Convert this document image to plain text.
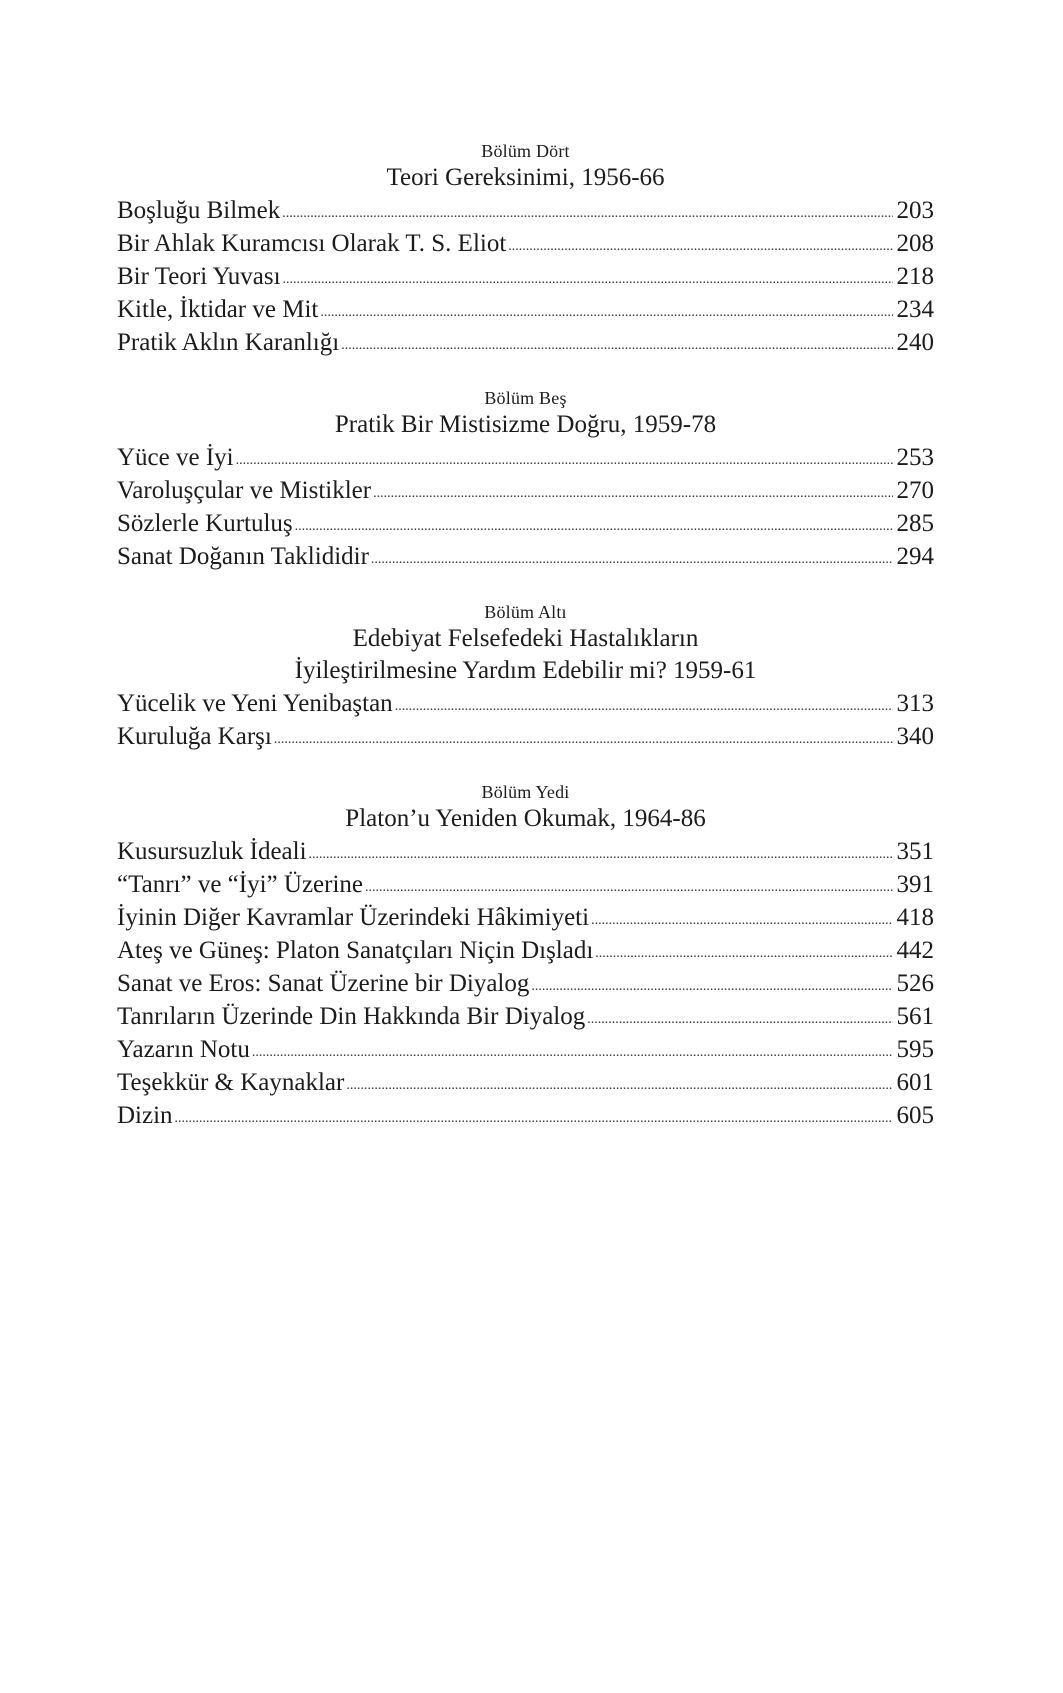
Bölüm Dört

Teori Gereksinimi, 1956-66

Boşluğu Bilmek .....	203
Bir Ahlak Kuramcısı Olarak T. S. Eliot .....	208
Bir Teori Yuvası .....	218
Kitle, İktidar ve Mit .....	234
Pratik Aklın Karanlığı .....	240

Bölüm Beş

Pratik Bir Mistisizme Doğru, 1959-78

Yüce ve İyi .....	253
Varoluşçular ve Mistikler .....	270
Sözlerle Kurtuluş .....	285
Sanat Doğanın Taklididir .....	294

Bölüm Altı

Edebiyat Felsefedeki Hastalıkların

İyileştirilmesine Yardım Edebilir mi? 1959-61

Yücelik ve Yeni Yenibaştan .....	313
Kuruluğa Karşı .....	340

Bölüm Yedi

Platon’u Yeniden Okumak, 1964-86

Kusursuzluk İdeali .....	351
“Tanrı” ve “İyi” Üzerine .....	391
İyinin Diğer Kavramlar Üzerindeki Hâkimiyeti .....	418
Ateş ve Güneş: Platon Sanatçıları Niçin Dışladı .....	442
Sanat ve Eros: Sanat Üzerine bir Diyalog .....	526
Tanrıların Üzerinde Din Hakkında Bir Diyalog .....	561
Yazarın Notu .....	595
Teşekkür & Kaynaklar .....	601
Dizin .....	605
